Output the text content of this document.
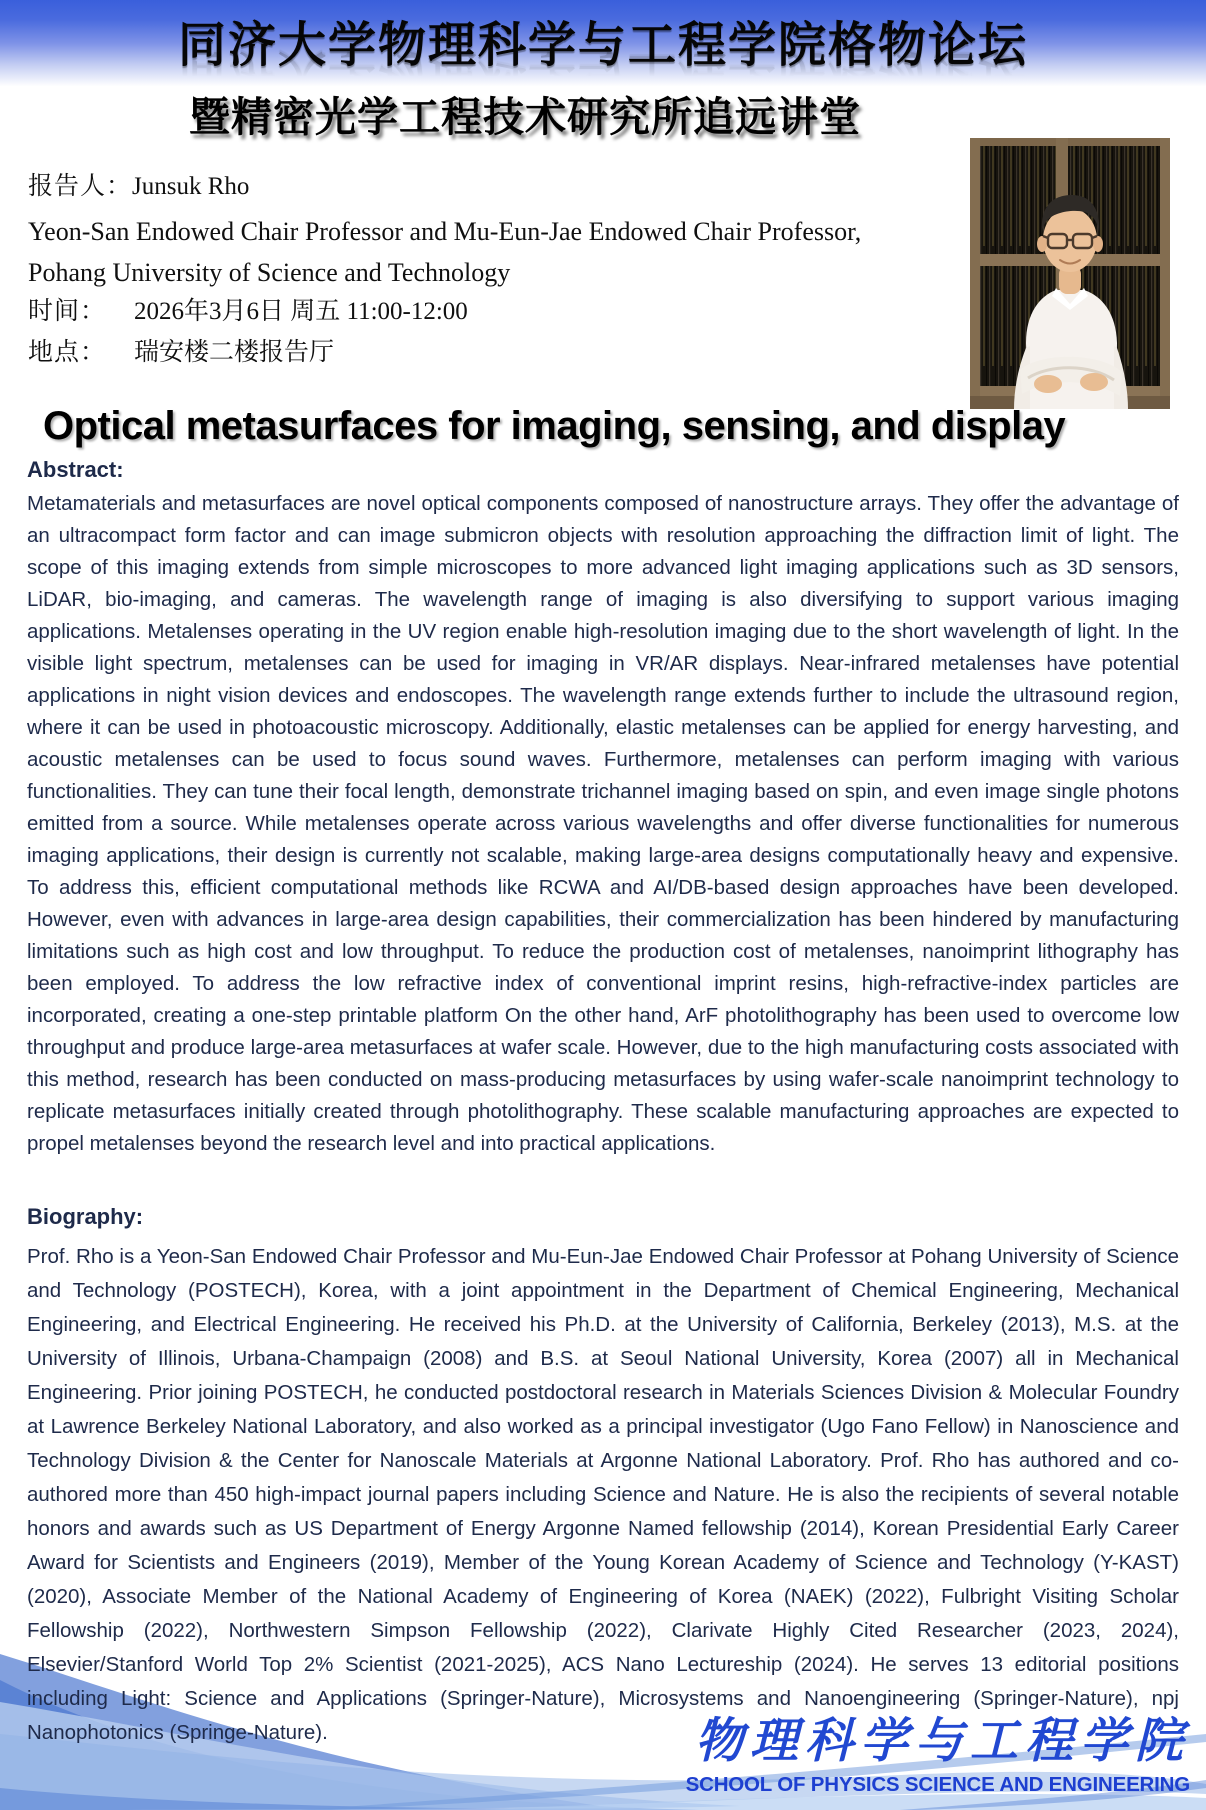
同济大学物理科学与工程学院格物论坛
暨精密光学工程技术研究所追远讲堂
报告人：Junsuk Rho
Yeon-San Endowed Chair Professor and Mu-Eun-Jae Endowed Chair Professor,
Pohang University of Science and Technology
时间： 2026年3月6日 周五 11:00-12:00
地点： 瑞安楼二楼报告厅
Optical metasurfaces for imaging, sensing, and display
Abstract:
Metamaterials and metasurfaces are novel optical components composed of nanostructure arrays. They offer the advantage of an ultracompact form factor and can image submicron objects with resolution approaching the diffraction limit of light. The scope of this imaging extends from simple microscopes to more advanced light imaging applications such as 3D sensors, LiDAR, bio-imaging, and cameras. The wavelength range of imaging is also diversifying to support various imaging applications. Metalenses operating in the UV region enable high-resolution imaging due to the short wavelength of light. In the visible light spectrum, metalenses can be used for imaging in VR/AR displays. Near-infrared metalenses have potential applications in night vision devices and endoscopes. The wavelength range extends further to include the ultrasound region, where it can be used in photoacoustic microscopy. Additionally, elastic metalenses can be applied for energy harvesting, and acoustic metalenses can be used to focus sound waves. Furthermore, metalenses can perform imaging with various functionalities. They can tune their focal length, demonstrate trichannel imaging based on spin, and even image single photons emitted from a source. While metalenses operate across various wavelengths and offer diverse functionalities for numerous imaging applications, their design is currently not scalable, making large-area designs computationally heavy and expensive. To address this, efficient computational methods like RCWA and AI/DB-based design approaches have been developed. However, even with advances in large-area design capabilities, their commercialization has been hindered by manufacturing limitations such as high cost and low throughput. To reduce the production cost of metalenses, nanoimprint lithography has been employed. To address the low refractive index of conventional imprint resins, high-refractive-index particles are incorporated, creating a one-step printable platform On the other hand, ArF photolithography has been used to overcome low throughput and produce large-area metasurfaces at wafer scale. However, due to the high manufacturing costs associated with this method, research has been conducted on mass-producing metasurfaces by using wafer-scale nanoimprint technology to replicate metasurfaces initially created through photolithography. These scalable manufacturing approaches are expected to propel metalenses beyond the research level and into practical applications.
Biography:
Prof. Rho is a Yeon-San Endowed Chair Professor and Mu-Eun-Jae Endowed Chair Professor at Pohang University of Science and Technology (POSTECH), Korea, with a joint appointment in the Department of Chemical Engineering, Mechanical Engineering, and Electrical Engineering. He received his Ph.D. at the University of California, Berkeley (2013), M.S. at the University of Illinois, Urbana-Champaign (2008) and B.S. at Seoul National University, Korea (2007) all in Mechanical Engineering. Prior joining POSTECH, he conducted postdoctoral research in Materials Sciences Division & Molecular Foundry at Lawrence Berkeley National Laboratory, and also worked as a principal investigator (Ugo Fano Fellow) in Nanoscience and Technology Division & the Center for Nanoscale Materials at Argonne National Laboratory. Prof. Rho has authored and co-authored more than 450 high-impact journal papers including Science and Nature. He is also the recipients of several notable honors and awards such as US Department of Energy Argonne Named fellowship (2014), Korean Presidential Early Career Award for Scientists and Engineers (2019), Member of the Young Korean Academy of Science and Technology (Y-KAST) (2020), Associate Member of the National Academy of Engineering of Korea (NAEK) (2022), Fulbright Visiting Scholar Fellowship (2022), Northwestern Simpson Fellowship (2022), Clarivate Highly Cited Researcher (2023, 2024), Elsevier/Stanford World Top 2% Scientist (2021-2025), ACS Nano Lectureship (2024). He serves 13 editorial positions including Light: Science and Applications (Springer-Nature), Microsystems and Nanoengineering (Springer-Nature), npj Nanophotonics (Springe-Nature).	物理科学与工程学院
SCHOOL OF PHYSICS SCIENCE AND ENGINEERING
